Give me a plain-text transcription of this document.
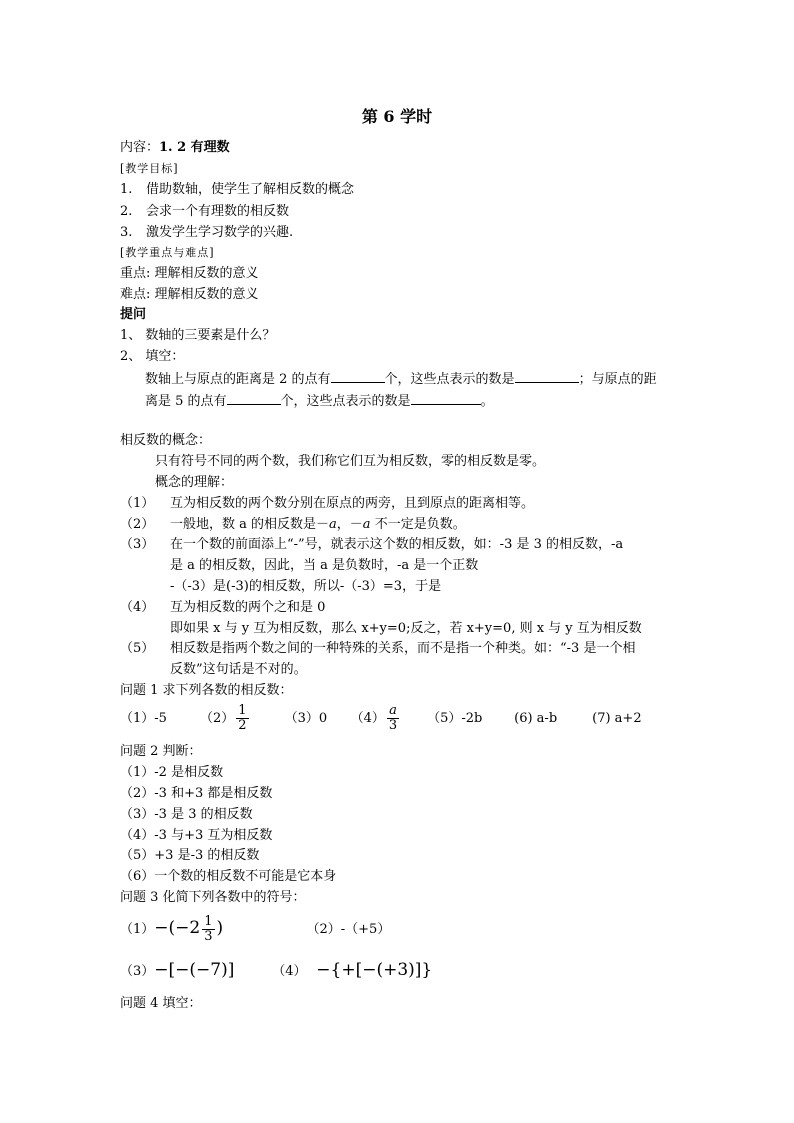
第 6 学时
内容：1. 2 有理数
[教学目标]
1. 借助数轴，使学生了解相反数的概念
2. 会求一个有理数的相反数
3. 激发学生学习数学的兴趣.
[教学重点与难点]
重点: 理解相反数的意义
难点: 理解相反数的意义
提问
1、 数轴的三要素是什么？
2、 填空：
数轴上与原点的距离是 2 的点有	个，这些点表示的数是	；与原点的距
离是 5 的点有	个，这些点表示的数是	。
相反数的概念：
只有符号不同的两个数，我们称它们互为相反数，零的相反数是零。
概念的理解：
（1） 互为相反数的两个数分别在原点的两旁，且到原点的距离相等。
（2） 一般地，数 a 的相反数是－a，－a 不一定是负数。
（3） 在一个数的前面添上“-”号，就表示这个数的相反数，如：-3 是 3 的相反数，-a
是 a 的相反数，因此，当 a 是负数时，-a 是一个正数
-（-3）是(-3)的相反数，所以-（-3）=3，于是
（4） 互为相反数的两个之和是 0
即如果 x 与 y 互为相反数，那么 x+y=0;反之，若 x+y=0, 则 x 与 y 互为相反数
（5） 相反数是指两个数之间的一种特殊的关系，而不是指一个种类。如：“-3 是一个相
反数”这句话是不对的。
问题 1 求下列各数的相反数：
（1）-5	$(2) \frac{1}{2}$	（3）0 $(4) \frac{a}{3} (5)-2b$ (6) a-b	(7) a+2
问题 2 判断：
（1）-2 是相反数
（2）-3 和+3 都是相反数
（3）-3 是 3 的相反数
（4）-3 与+3 互为相反数
（5）+3 是-3 的相反数
（6）一个数的相反数不可能是它本身
问题 3 化简下列各数中的符号：
$(1)-(-2 \frac{1}{3}$ )	（2）-（+5）
（3）−[−(−7)]	（4） −{+[−(+3)]}
问题 4 填空：
